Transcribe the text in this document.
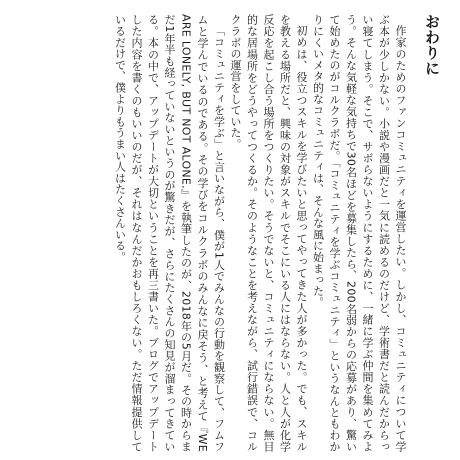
おわりに

作家のためのファンコミュニティを運営したい。しかし、コミュニティについて学ぶ本が少しかない。小説や漫画だと一気に読めるのだけど、学術書だと読んだからっい寝てしまう。そこで、サボらないようにするために、一緒に学ぶ仲間を集めてみよう。そんな気軽な気持ちで30名ほどを募集したら、200名弱からの応募があり、驚いて始めたのがコルクラボだ。「コミュニティを学ぶコミュニティ」というなんともわかりにくいメタ的なコミュニティは、そんな風に始まった。

初めは、役立つスキルを学びたいと思ってやってきた人が多かった。でも、スキルを教える場所だと、興味の対象がスキルでそこにいる人にはならない。人と人が化学反応を起こし合う場所をつくりたい。そうでないと、コミュニティにならない。無目的な居場所をどうやってつくるか。そのようなことを考えながら、試行錯誤で、コルクラボの運営をしていた。

「コミュニティを学ぶ」と言いながら、僕が1人でみんなの行動を観察して、フムフムと学んでいるのである。その学びをコルクラボのみんなに戻そう、と考えて『WE ARE LONELY, BUT NOT ALONE.』を執筆したのが、2018年の5月だ。その時からまだ1年半も経っていないというのが驚きだが、さらにたくさんの知見が溜まってきている。本の中で、アップデートが大切ということを再三書いた。ブログでアップデートした内容を書くのもいいのだが、それはなんだかおもしろくない。ただ情報提供しているだけで、僕よりもうまい人はたくさんいる。
